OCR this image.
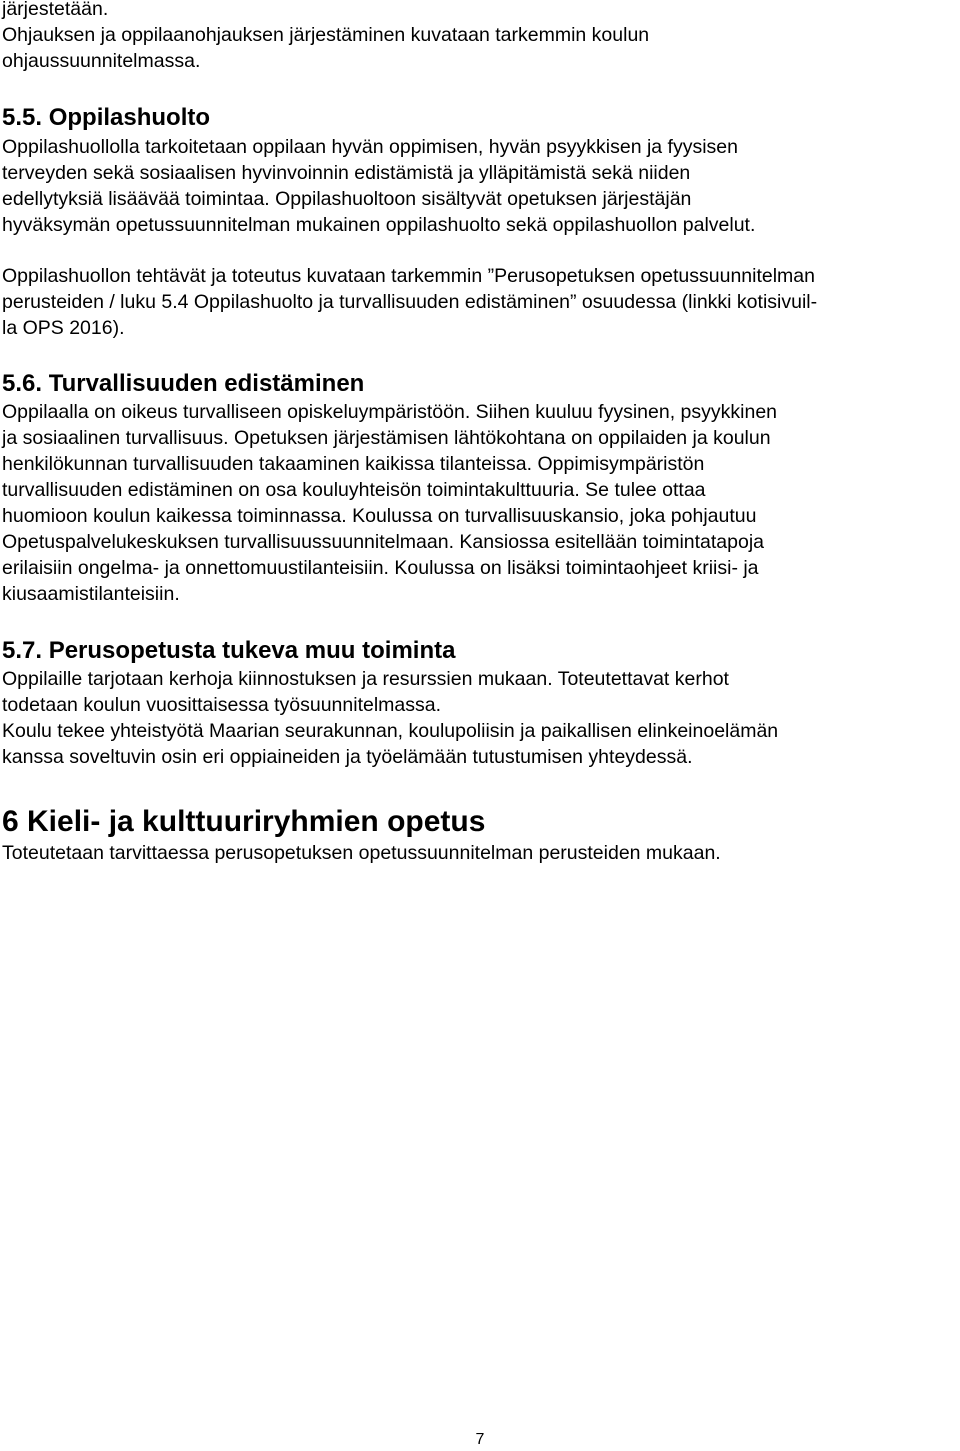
järjestetään.

Ohjauksen ja oppilaanohjauksen järjestäminen kuvataan tarkemmin koulun

ohjaussuunnitelmassa.

5.5. Oppilashuolto

Oppilashuollolla tarkoitetaan oppilaan hyvän oppimisen, hyvän psyykkisen ja fyysisen

terveyden sekä sosiaalisen hyvinvoinnin edistämistä ja ylläpitämistä sekä niiden

edellytyksiä lisäävää toimintaa. Oppilashuoltoon sisältyvät opetuksen järjestäjän

hyväksymän opetussuunnitelman mukainen oppilashuolto sekä oppilashuollon palvelut.

Oppilashuollon tehtävät ja toteutus kuvataan tarkemmin ”Perusopetuksen opetussuunnitelman

perusteiden / luku 5.4 Oppilashuolto ja turvallisuuden edistäminen” osuudessa (linkki kotisivuil-

la OPS 2016).

5.6. Turvallisuuden edistäminen

Oppilaalla on oikeus turvalliseen opiskeluympäristöön. Siihen kuuluu fyysinen, psyykkinen

ja sosiaalinen turvallisuus. Opetuksen järjestämisen lähtökohtana on oppilaiden ja koulun

henkilökunnan turvallisuuden takaaminen kaikissa tilanteissa. Oppimisympäristön

turvallisuuden edistäminen on osa kouluyhteisön toimintakulttuuria. Se tulee ottaa

huomioon koulun kaikessa toiminnassa. Koulussa on turvallisuuskansio, joka pohjautuu

Opetuspalvelukeskuksen turvallisuussuunnitelmaan. Kansiossa esitellään toimintatapoja

erilaisiin ongelma- ja onnettomuustilanteisiin. Koulussa on lisäksi toimintaohjeet kriisi- ja

kiusaamistilanteisiin.

5.7. Perusopetusta tukeva muu toiminta

Oppilaille tarjotaan kerhoja kiinnostuksen ja resurssien mukaan. Toteutettavat kerhot

todetaan koulun vuosittaisessa työsuunnitelmassa.

Koulu tekee yhteistyötä Maarian seurakunnan, koulupoliisin ja paikallisen elinkeinoelämän

kanssa soveltuvin osin eri oppiaineiden ja työelämään tutustumisen yhteydessä.

6 Kieli- ja kulttuuriryhmien opetus

Toteutetaan tarvittaessa perusopetuksen opetussuunnitelman perusteiden mukaan.

7
